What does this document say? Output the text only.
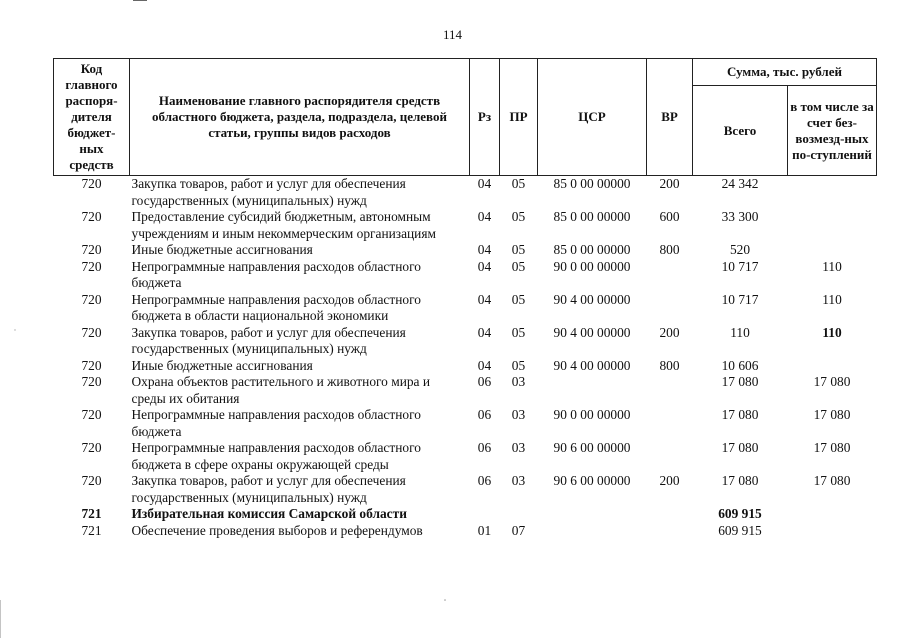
114
Код главного распоря-дителя бюджет-ных средств	Наименование главного распорядителя средств областного бюджета, раздела, подраздела, целевой статьи, группы видов расходов	Рз	ПР	ЦСР	ВР	Сумма, тыс. рублей	
						Всего	в том числе за счет без-возмезд-ных по-ступлений
720	Закупка товаров, работ и услуг для обеспечения государственных (муниципальных) нужд	04	05	85 0 00 00000	200	24 342	
720	Предоставление субсидий бюджетным, автономным учреждениям и иным некоммерческим организациям	04	05	85 0 00 00000	600	33 300	
720	Иные бюджетные ассигнования	04	05	85 0 00 00000	800	520	
720	Непрограммные направления расходов областного бюджета	04	05	90 0 00 00000		10 717	110
720	Непрограммные направления расходов областного бюджета в области национальной экономики	04	05	90 4 00 00000		10 717	110
720	Закупка товаров, работ и услуг для обеспечения государственных (муниципальных) нужд	04	05	90 4 00 00000	200	110	110
720	Иные бюджетные ассигнования	04	05	90 4 00 00000	800	10 606	
720	Охрана объектов растительного и животного мира и среды их обитания	06	03			17 080	17 080
720	Непрограммные направления расходов областного бюджета	06	03	90 0 00 00000		17 080	17 080
720	Непрограммные направления расходов областного бюджета в сфере охраны окружающей среды	06	03	90 6 00 00000		17 080	17 080
720	Закупка товаров, работ и услуг для обеспечения государственных (муниципальных) нужд	06	03	90 6 00 00000	200	17 080	17 080
721	Избирательная комиссия Самарской области					609 915	
721	Обеспечение проведения выборов и референдумов	01	07			609 915	
